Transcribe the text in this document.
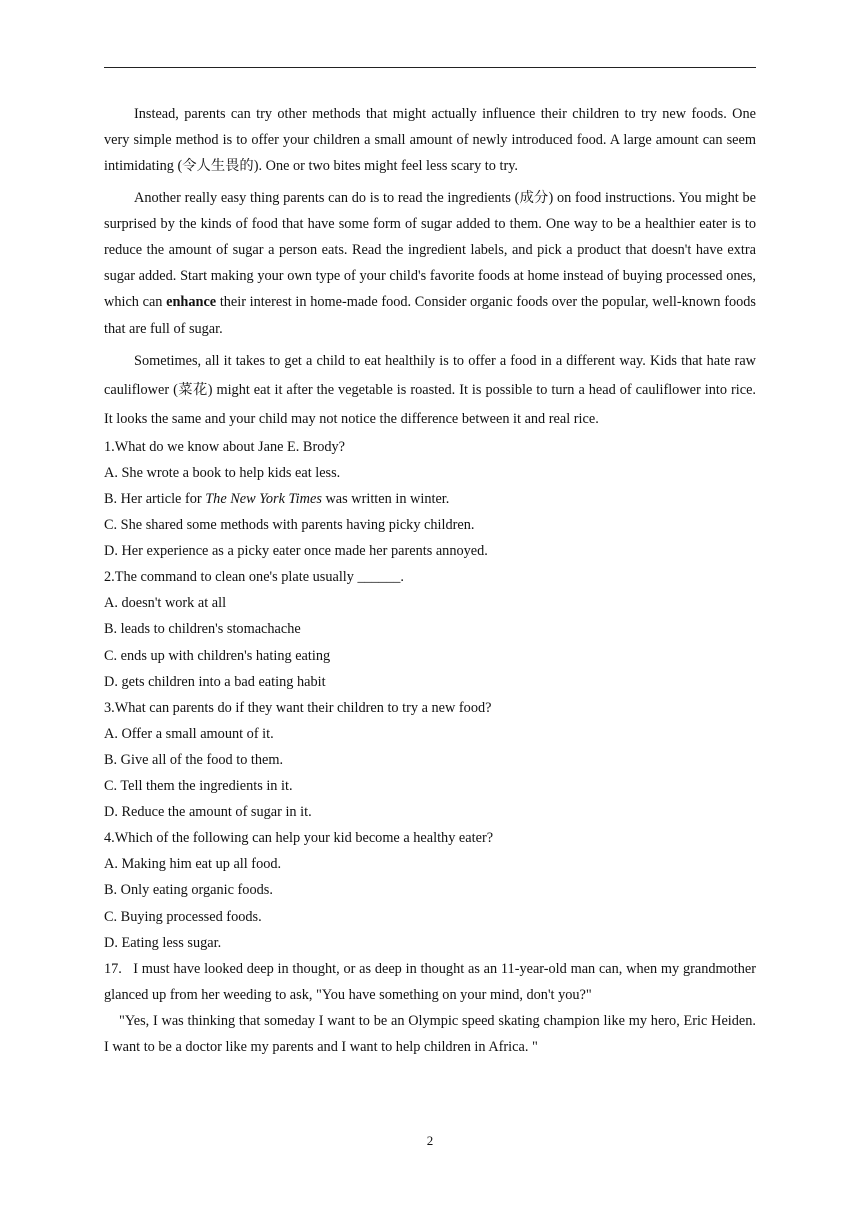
Instead, parents can try other methods that might actually influence their children to try new foods. One very simple method is to offer your children a small amount of newly introduced food. A large amount can seem intimidating (令人生畏的). One or two bites might feel less scary to try.

Another really easy thing parents can do is to read the ingredients (成分) on food instructions. You might be surprised by the kinds of food that have some form of sugar added to them. One way to be a healthier eater is to reduce the amount of sugar a person eats. Read the ingredient labels, and pick a product that doesn't have extra sugar added. Start making your own type of your child's favorite foods at home instead of buying processed ones, which can enhance their interest in home-made food. Consider organic foods over the popular, well-known foods that are full of sugar.

Sometimes, all it takes to get a child to eat healthily is to offer a food in a different way. Kids that hate raw cauliflower (菜花) might eat it after the vegetable is roasted. It is possible to turn a head of cauliflower into rice. It looks the same and your child may not notice the difference between it and real rice.

1.What do we know about Jane E. Brody?

A. She wrote a book to help kids eat less.

B. Her article for The New York Times was written in winter.

C. She shared some methods with parents having picky children.

D. Her experience as a picky eater once made her parents annoyed.

2.The command to clean one's plate usually ______.

A. doesn't work at all

B. leads to children's stomachache

C. ends up with children's hating eating

D. gets children into a bad eating habit

3.What can parents do if they want their children to try a new food?

A. Offer a small amount of it.

B. Give all of the food to them.

C. Tell them the ingredients in it.

D. Reduce the amount of sugar in it.

4.Which of the following can help your kid become a healthy eater?

A. Making him eat up all food.

B. Only eating organic foods.

C. Buying processed foods.

D. Eating less sugar.

17.   I must have looked deep in thought, or as deep in thought as an 11-year-old man can, when my grandmother glanced up from her weeding to ask, "You have something on your mind, don't you?"

"Yes, I was thinking that someday I want to be an Olympic speed skating champion like my hero, Eric Heiden. I want to be a doctor like my parents and I want to help children in Africa. "

2
